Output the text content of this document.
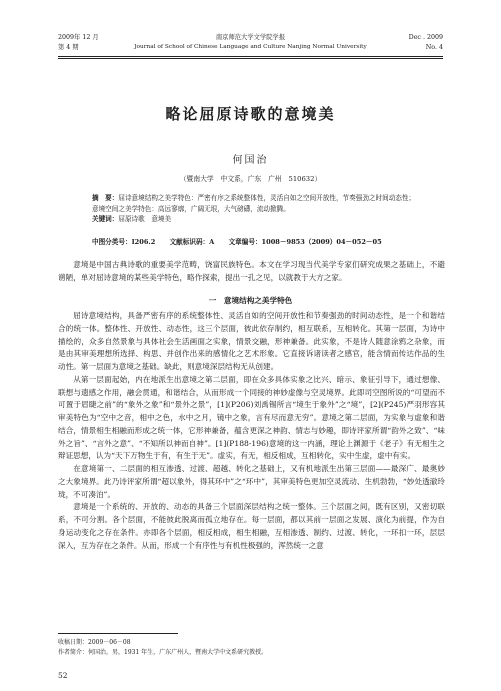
2009年 12 月
第 4 期
南京师范大学文学院学报
Journal of School of Chinese Language and Culture Nanjing Normal University
Dec . 2009
No. 4
略论屈原诗歌的意境美
何国治
（暨南大学　中文系，广东　广州　510632）

摘　要：屈诗意境结构之美学特色：严密有序之系统整体性，灵活自如之空间开放性，节奏强劲之时间动态性；意境空间之美学特色：高远寥廓，广阔无垠，大气磅礴，流动掀腾。

关键词：屈原诗歌　意境美

中图分类号：I206.2 文献标识码：A 文章编号：1008－9853（2009）04－052－05

意境是中国古典诗歌的重要美学范畴，饶富民族特色。本文在学习现当代美学专家们研究成果之基础上，不避谫陋，单对屈诗意境的某些美学特色，略作探索，提出一孔之见，以就教于大方之家。

一　意境结构之美学特色

屈诗意境结构，具备严密有序的系统整体性、灵活自如的空间开放性和节奏强劲的时间动态性，是一个和谐结合的统一体。整体性、开放性、动态性，这三个层面，彼此依存制约，相互联系，互相转化。其第一层面，为诗中描绘的，众多自然景象与具体社会生活画面之实象，情景交融，形神兼备。此实象，不是诗人随意涂鸦之杂象，而是由其审美理想所选择、构思、并创作出来的感情化之艺术形象。它直接诉诸读者之感官，能含情而传达作品的生动性。第一层面为意境之基础。缺此，则意境深层结构无从创建。

从第一层面起始，内在地派生出意境之第二层面，即在众多具体实象之比兴、暗示、象征引导下，通过想像、联想与遗感之作用，融会贯通，和谐结合，从而形成一个同接的神妙虚像与空灵境界。此即司空图所说的“可望而不可置于眉睫之前”的“象外之象”和“景外之景”，[1](P206)刘禹锡所言“境生于象外”之“境”，[2](P245)严羽形容其审美特色为“空中之音，相中之色，水中之月，镜中之象，言有尽而意无穷”。意境之第二层面，为实象与虚象和谐结合，情景相生相融而形成之统一体，它形神兼备，蕴含更深之神韵、情志与妙趣，即诗评家所谓“韵外之致”、“味外之旨”、“言外之意”、“不知所以神而自神”。[1](P188-196)意境的这一内涵，理论上渊源于《老子》有无相生之辩证思想，认为“天下万物生于有，有生于无”。虚实，有无，相反相成，互相转化，实中生虚，虚中有实。

在意境第一、二层面的相互渗透、过渡、超越、转化之基础上，又有机地派生出第三层面——最深广、最奥妙之大象境界。此乃诗评家所谓“超以象外，得其环中”之“环中”，其审美特色更加空灵流动、生机勃勃，“妙处透澈玲珑，不可凑泊”。

意境是一个系统的、开放的、动态的具备三个层面深层结构之统一整体。三个层面之间，既有区别，又密切联系，不可分割。各个层面，不能彼此脱离而孤立地存在。每一层面，都以其前一层面之发展、演化为前提，作为自身运动变化之存在条件。亦即各个层面，相反相成，相生相融，互相渗透、制约、过渡、转化，一环扣一环，层层深入，互为存在之条件。从而，形成一个有序性与有机性极强的，浑然统一之意

收稿日期：2009－06－08
作者简介：何国治，男，1931 年生，广东广州人，暨南大学中文系研究教授。
52
